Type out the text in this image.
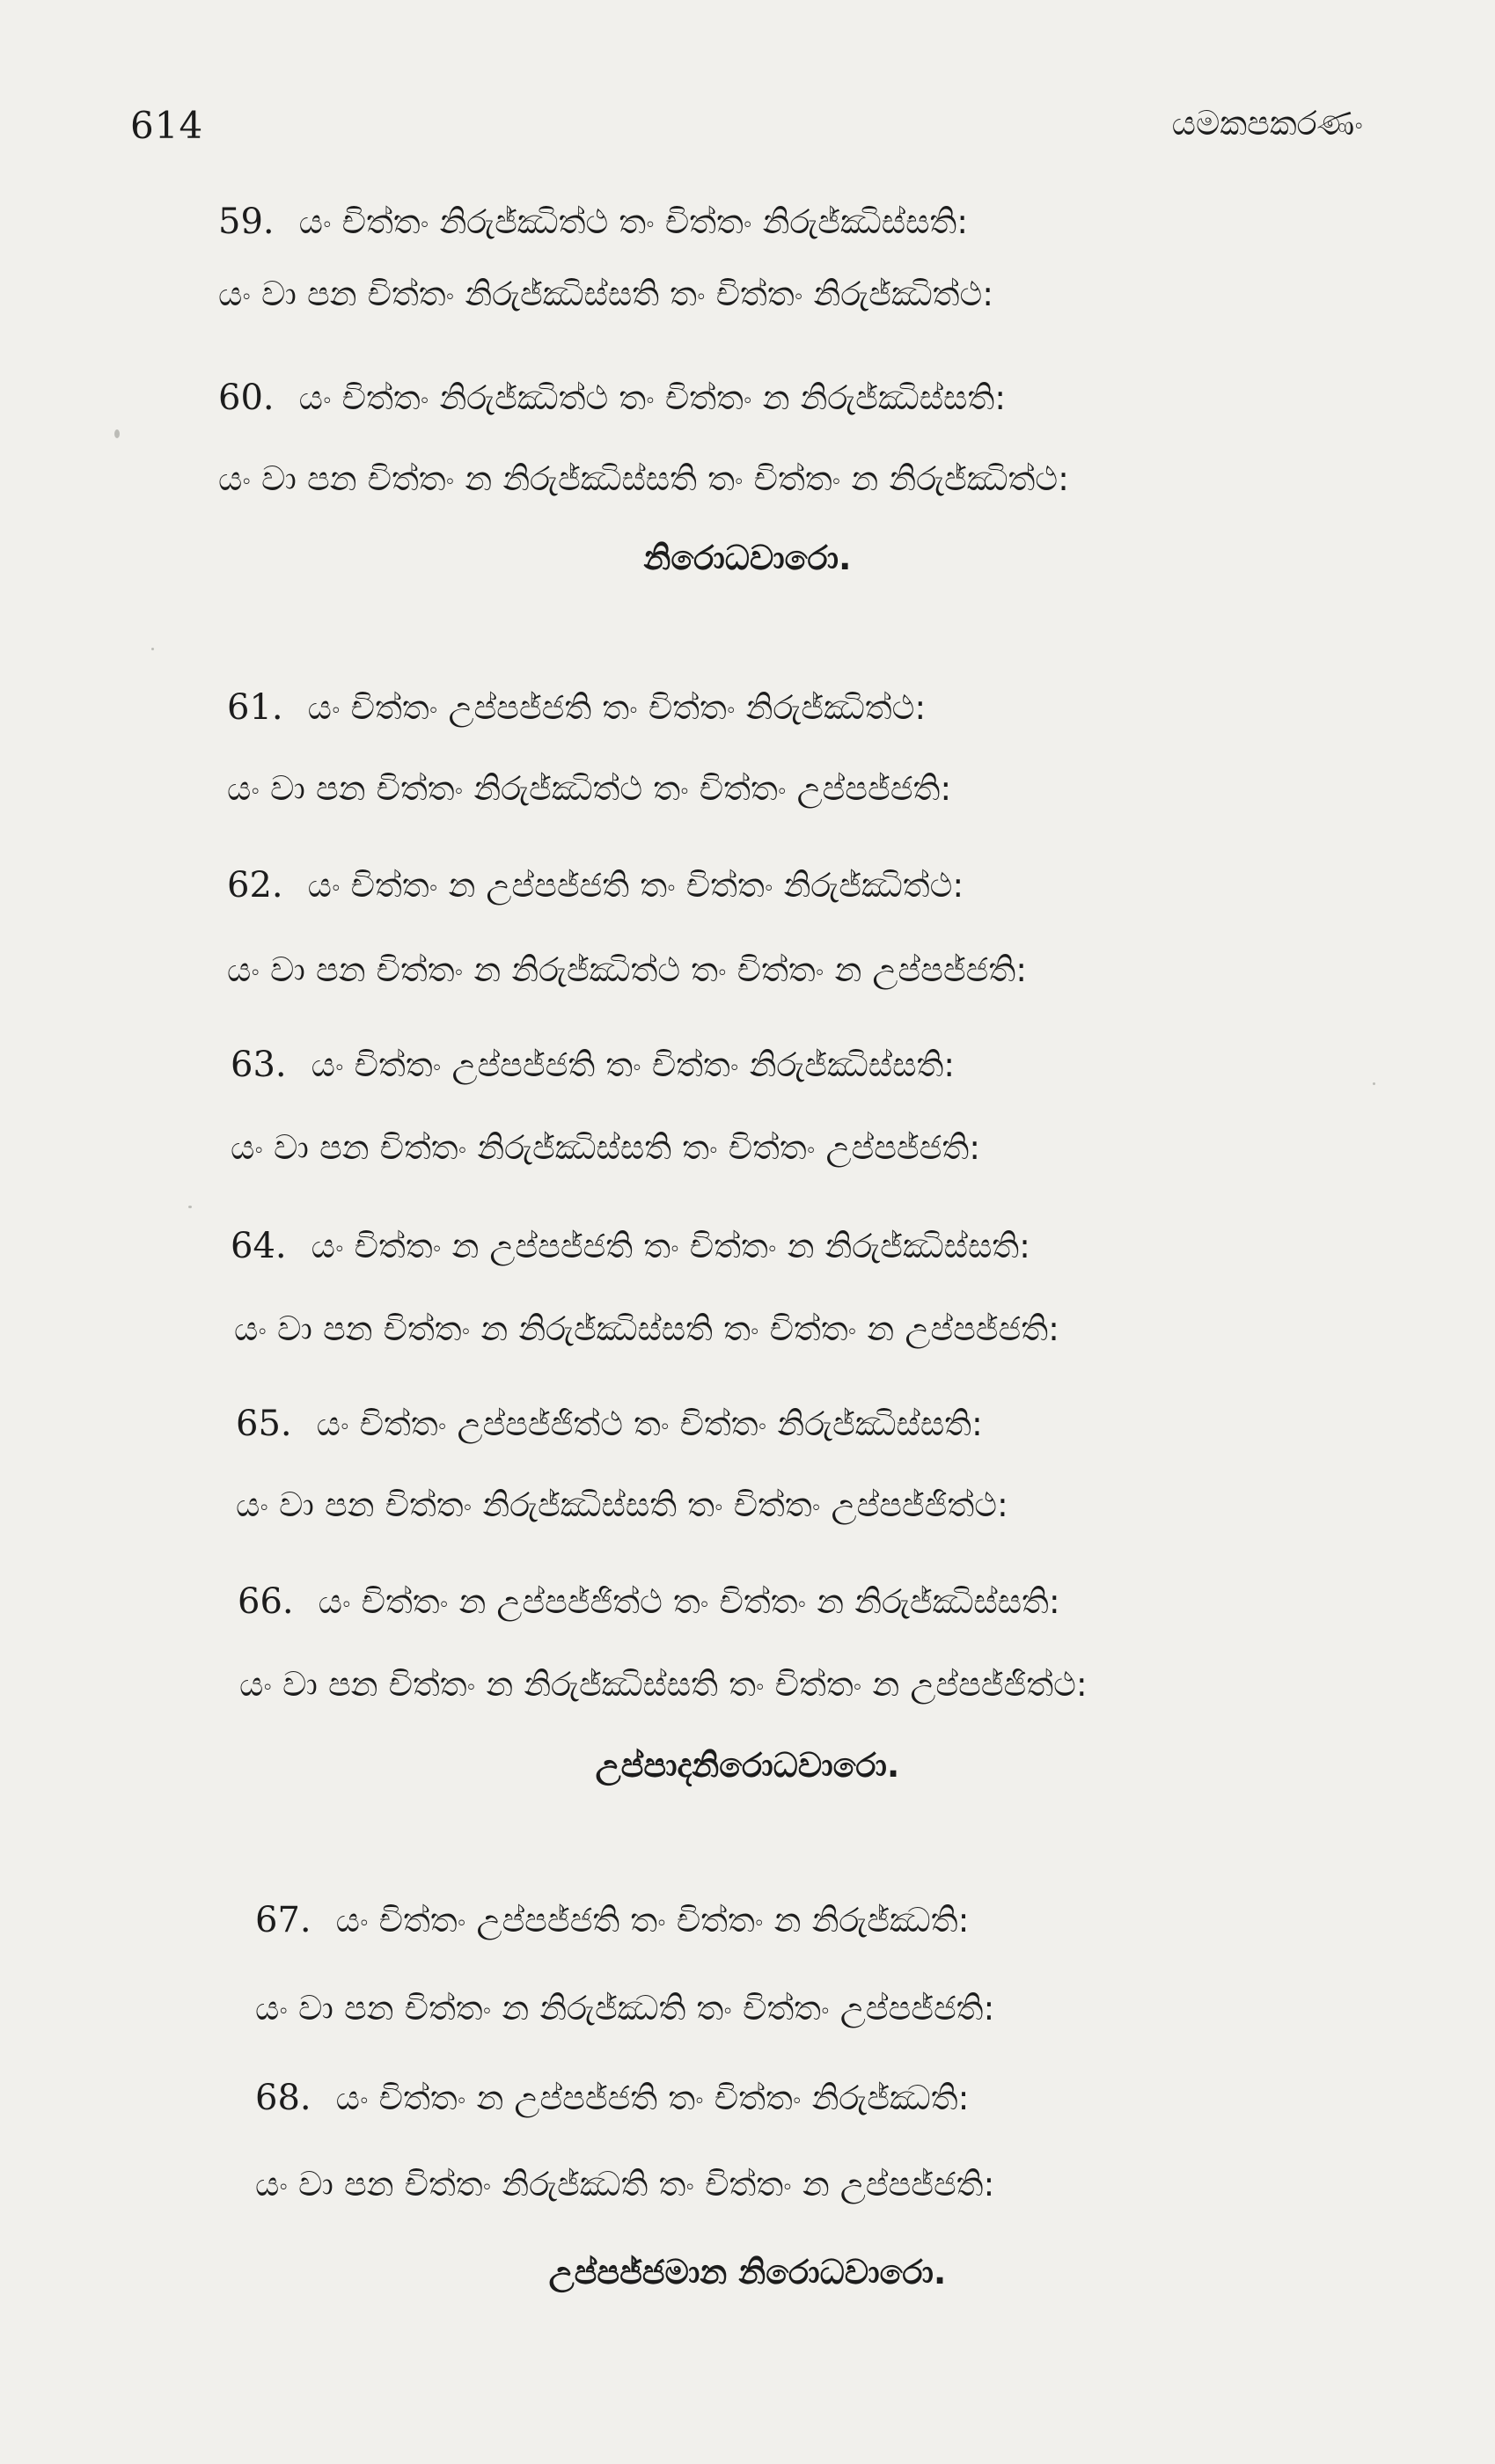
614	යමකපකරණං
59. යං චිත්තං නිරුජ්ඣිත්ථ තං චිත්තං නිරුජ්ඣිස්සති:
යං වා පන චිත්තං නිරුජ්ඣිස්සති තං චිත්තං නිරුජ්ඣිත්ථ:
60. යං චිත්තං නිරුජ්ඣිත්ථ තං චිත්තං න නිරුජ්ඣිස්සති:
යං වා පන චිත්තං න නිරුජ්ඣිස්සති තං චිත්තං න නිරුජ්ඣිත්ථ:
නිරොධවාරො.
61. යං චිත්තං උප්පජ්ජති තං චිත්තං නිරුජ්ඣිත්ථ:
යං වා පන චිත්තං නිරුජ්ඣිත්ථ තං චිත්තං උප්පජ්ජති:
62. යං චිත්තං න උප්පජ්ජති තං චිත්තං නිරුජ්ඣිත්ථ:
යං වා පන චිත්තං න නිරුජ්ඣිත්ථ තං චිත්තං න උප්පජ්ජති:
63. යං චිත්තං උප්පජ්ජති තං චිත්තං නිරුජ්ඣිස්සති:
යං වා පන චිත්තං නිරුජ්ඣිස්සති තං චිත්තං උප්පජ්ජති:
64. යං චිත්තං න උප්පජ්ජති තං චිත්තං න නිරුජ්ඣිස්සති:
යං වා පන චිත්තං න නිරුජ්ඣිස්සති තං චිත්තං න උප්පජ්ජති:
65. යං චිත්තං උප්පජ්ජිත්ථ තං චිත්තං නිරුජ්ඣිස්සති:
යං වා පන චිත්තං නිරුජ්ඣිස්සති තං චිත්තං උප්පජ්ජිත්ථ:
66. යං චිත්තං න උප්පජ්ජිත්ථ තං චිත්තං න නිරුජ්ඣිස්සති:
යං වා පන චිත්තං න නිරුජ්ඣිස්සති තං චිත්තං න උප්පජ්ජිත්ථ:
උප්පාදනිරොධවාරො.
67. යං චිත්තං උප්පජ්ජති තං චිත්තං න නිරුජ්ඣති:
යං වා පන චිත්තං න නිරුජ්ඣති තං චිත්තං උප්පජ්ජති:
68. යං චිත්තං න උප්පජ්ජති තං චිත්තං නිරුජ්ඣති:
යං වා පන චිත්තං නිරුජ්ඣති තං චිත්තං න උප්පජ්ජති:
උප්පජ්ජමාන නිරොධවාරො.
